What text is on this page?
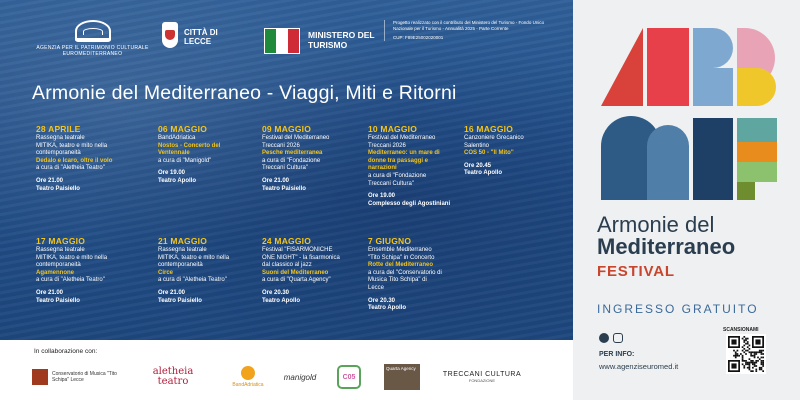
AGENZIA PER IL PATRIMONIO CULTURALE EUROMEDITERRANEO
CITTÀ DI LECCE
MINISTERO DEL TURISMO
Progetto realizzato con il contributo del Ministero del Turismo - Fondo Unico Nazionale per il Turismo - Annualità 2025 - Parte Corrente
CUP: F89E25002020001
Armonie del Mediterraneo - Viaggi, Miti e Ritorni
28 APRILE
Rassegna teatrale
MITIKA, teatro e mito nella
contemporaneità
Dedalo e Icaro, oltre il volo
a cura di "Aletheia Teatro"
Ore 21.00
Teatro Paisiello
06 MAGGIO
BandAdriatica
Nostos - Concerto del Ventennale
a cura di "Manigold"
Ore 19.00
Teatro Apollo
09 MAGGIO
Festival del Mediterraneo
Treccani 2026
Pesche mediterranea
a cura di "Fondazione
Treccani Cultura"
Ore 21.00
Teatro Paisiello
10 MAGGIO
Festival del Mediterraneo
Treccani 2026
Mediterraneo: un mare di donne tra passaggi e narrazioni
a cura di "Fondazione
Treccani Cultura"
Ore 19.00
Complesso degli Agostiniani
16 MAGGIO
Canzoniere Grecanico
Salentino
COS 50 - "Il Mito"
Ore 20.45
Teatro Apollo
17 MAGGIO
Rassegna teatrale
MITIKA, teatro e mito nella
contemporaneità
Agamennone
a cura di "Aletheia Teatro"
Ore 21.00
Teatro Paisiello
21 MAGGIO
Rassegna teatrale
MITIKA, teatro e mito nella
contemporaneità
Circe
a cura di "Aletheia Teatro"
Ore 21.00
Teatro Paisiello
24 MAGGIO
Festival "FISARMONICHE
ONE NIGHT" - la fisarmonica
dal classico al jazz
Suoni del Mediterraneo
a cura di "Quarta Agency"
Ore 20.30
Teatro Apollo
7 GIUGNO
Ensemble Mediterraneo
"Tito Schipa" in Concerto
Rotte del Mediterraneo
a cura del "Conservatorio di
Musica Tito Schipa" di
Lecce
Ore 20.30
Teatro Apollo
In collaborazione con:
Conservatorio di Musica "Tito Schipa" Lecce
aletheia teatro	BandAdriatica
manigold	C05
Quarta Agency
TRECCANI CULTURA
FONDAZIONE
Armonie del
Mediterraneo
FESTIVAL
INGRESSO GRATUITO
PER INFO:
www.agenziseuromed.it
SCANSIONAMI
